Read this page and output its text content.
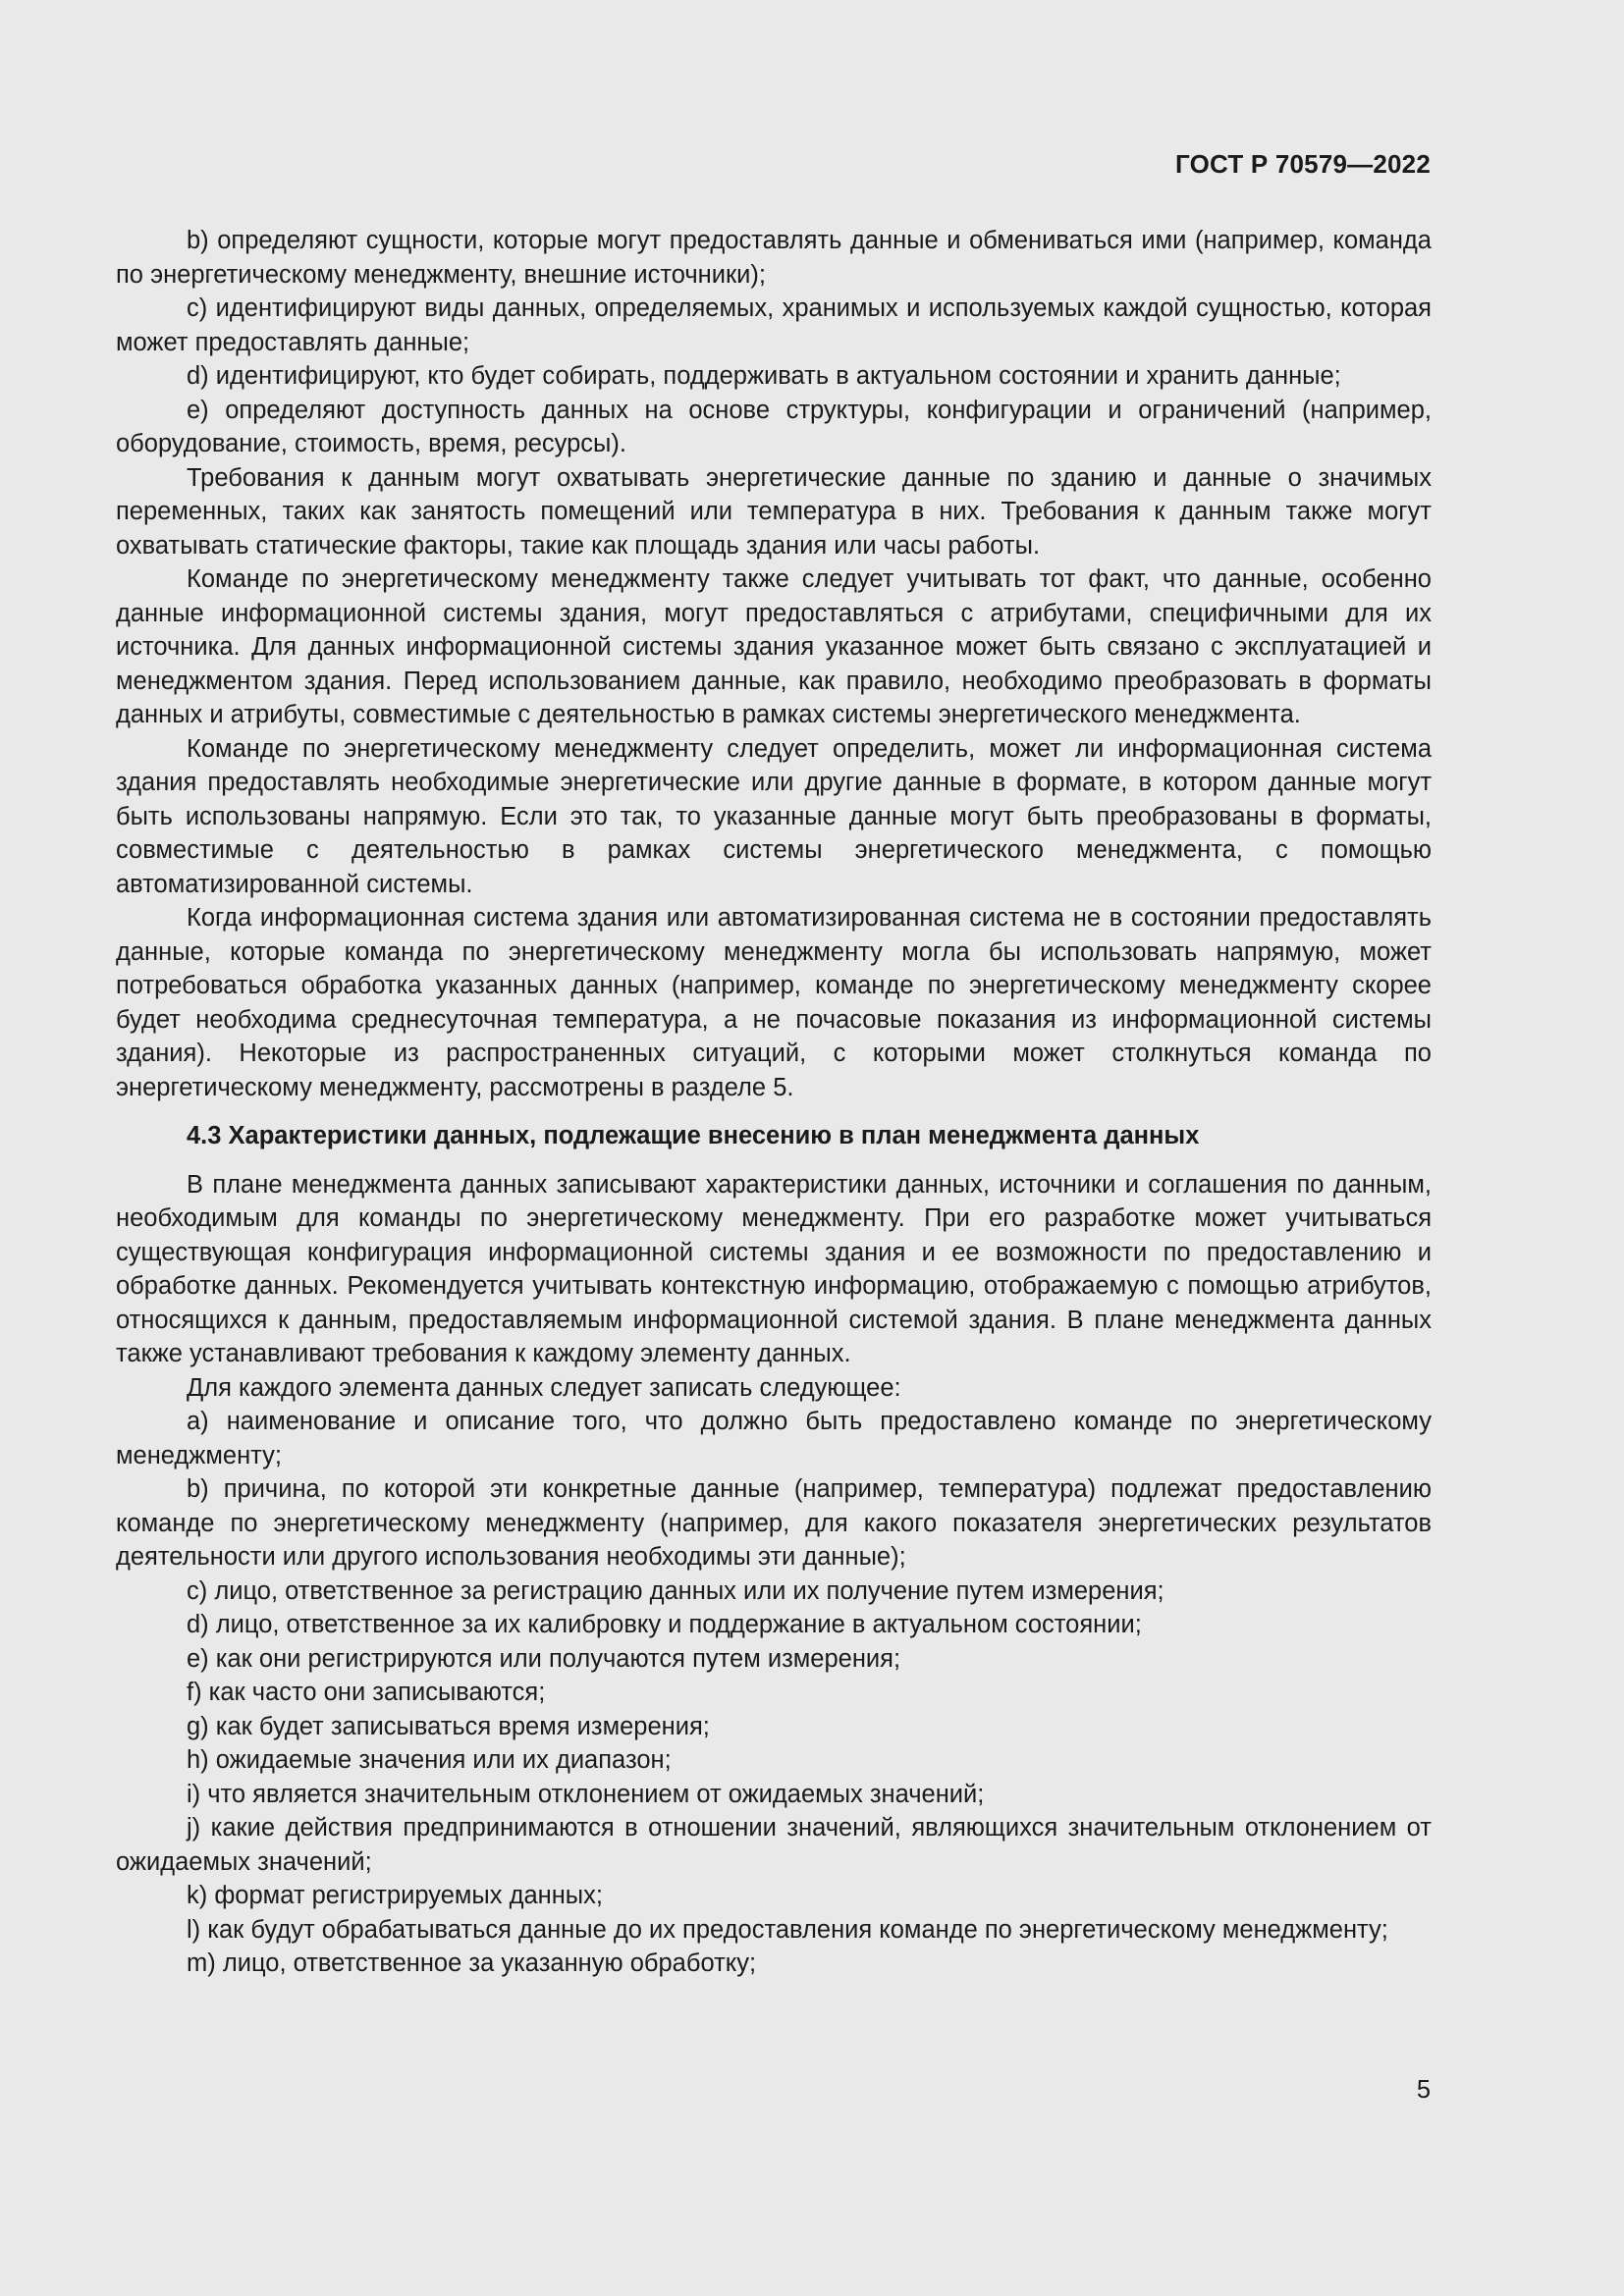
ГОСТ Р 70579—2022

b) определяют сущности, которые могут предоставлять данные и обмениваться ими (например, команда по энергетическому менеджменту, внешние источники);

c) идентифицируют виды данных, определяемых, хранимых и используемых каждой сущностью, которая может предоставлять данные;

d) идентифицируют, кто будет собирать, поддерживать в актуальном состоянии и хранить данные;

e) определяют доступность данных на основе структуры, конфигурации и ограничений (например, оборудование, стоимость, время, ресурсы).

Требования к данным могут охватывать энергетические данные по зданию и данные о значимых переменных, таких как занятость помещений или температура в них. Требования к данным также могут охватывать статические факторы, такие как площадь здания или часы работы.

Команде по энергетическому менеджменту также следует учитывать тот факт, что данные, особенно данные информационной системы здания, могут предоставляться с атрибутами, специфичными для их источника. Для данных информационной системы здания указанное может быть связано с эксплуатацией и менеджментом здания. Перед использованием данные, как правило, необходимо преобразовать в форматы данных и атрибуты, совместимые с деятельностью в рамках системы энергетического менеджмента.

Команде по энергетическому менеджменту следует определить, может ли информационная система здания предоставлять необходимые энергетические или другие данные в формате, в котором данные могут быть использованы напрямую. Если это так, то указанные данные могут быть преобразованы в форматы, совместимые с деятельностью в рамках системы энергетического менеджмента, с помощью автоматизированной системы.

Когда информационная система здания или автоматизированная система не в состоянии предоставлять данные, которые команда по энергетическому менеджменту могла бы использовать напрямую, может потребоваться обработка указанных данных (например, команде по энергетическому менеджменту скорее будет необходима среднесуточная температура, а не почасовые показания из информационной системы здания). Некоторые из распространенных ситуаций, с которыми может столкнуться команда по энергетическому менеджменту, рассмотрены в разделе 5.

4.3 Характеристики данных, подлежащие внесению в план менеджмента данных

В плане менеджмента данных записывают характеристики данных, источники и соглашения по данным, необходимым для команды по энергетическому менеджменту. При его разработке может учитываться существующая конфигурация информационной системы здания и ее возможности по предоставлению и обработке данных. Рекомендуется учитывать контекстную информацию, отображаемую с помощью атрибутов, относящихся к данным, предоставляемым информационной системой здания. В плане менеджмента данных также устанавливают требования к каждому элементу данных.

Для каждого элемента данных следует записать следующее:

a) наименование и описание того, что должно быть предоставлено команде по энергетическому менеджменту;

b) причина, по которой эти конкретные данные (например, температура) подлежат предоставлению команде по энергетическому менеджменту (например, для какого показателя энергетических результатов деятельности или другого использования необходимы эти данные);

c) лицо, ответственное за регистрацию данных или их получение путем измерения;

d) лицо, ответственное за их калибровку и поддержание в актуальном состоянии;

e) как они регистрируются или получаются путем измерения;

f) как часто они записываются;

g) как будет записываться время измерения;

h) ожидаемые значения или их диапазон;

i) что является значительным отклонением от ожидаемых значений;

j) какие действия предпринимаются в отношении значений, являющихся значительным отклонением от ожидаемых значений;

k) формат регистрируемых данных;

l) как будут обрабатываться данные до их предоставления команде по энергетическому менеджменту;

m) лицо, ответственное за указанную обработку;

5
